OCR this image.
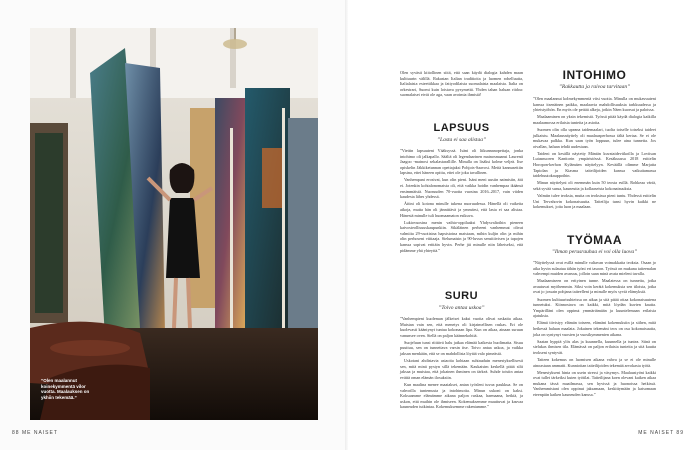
”Olen maalannut koinekymmentä vilor vuotta. Maalauksen on ykhiin tekemää.”
88 ME NAISET

Olen syvästi kiitollinen siitä, että saan käydä dialogia kahden maan kulttuurin välillä. Rakastan Italian traditioita ja luomen rohelluutta, Italialaista esteettikkaa ja fattyodilaista suomalaista maalaista. Italia on orkestrari, Suomi kuin loistava pysymettä. Yhden tahan haluan riidoa: suomalaiset eivät ole aga, vaan avoimia ihmisiä!

LAPSUUS
”Lasta ei saa alistaa”

”Viettin lapsuuteni Vääksyssä. Isäni oli liikunnanopettaja, jonka intohimo oli jalkapallo. Sääliä oli legendaarinen mainosmaansi Laurenti Jaagoo -mainosi sekalastarallille. Minulla on lisäksi kolme veljeä. Itse opiskelin Jäkkiketunnan opettajaksi Pohjois-Saavosi. Meitä kannusettiin lapsina, ettei häneen opittu, ettei ole joku tavallinen.

Vanhempani erosivat, kun olin pieni. Isäni meni uusiin naimisiin, äiti ei. Jotenkin kohtalonomaista oli, että vaikka hoidin vanhempaa ikäänsä ensimmäistä. Nuoruuden 70-vuotta vuosina 2016–2017, vain viiden kaudesta lähes yhdessä.

Äitini oli kotona minulle tukena nuoruudessa. Hänellä oli vaikeita aikoja, mutta hän oli jännittävä ja ymmärsi, että lasta ei saa alistaa. Hänestä minulle tuli huomaamaton esikuva.

Lukiovuosina menin vaihto-oppilaaksi Yhdysvaltoihin pieneen kaivosteollisuuskaupunkiin. Sikäläinen perheeni vanhemmat olivat valmiita 29-vuotisina hapsistoina maistaan, mihin kuljin olin ja mihin olin perhoseni viittaaja. Sielumaisin ja 90-luvun sensitiivisen ja tapojen kanssa sopivat erittäin hyvin. Perhe jäi minulle niin läheiseksi, että pidämme yhä yhteyttä.”

SURU
”Toivo antaa uskoa”

”Vanhempieni kuoleman jälkeiset kaksi vuotta olivat raskaita aikaa. Muistan vain sen, että menetys oli kirjaimellisen raskas. Eri ole kuolevasti kääntynyt tuntua kokonaan lipa. Kun on aikaa, ainaan suruun vanunsee oven. Siellä on paljon käännekohtiä.

Suojeluun tunsi riittävä halu jatkaa elämää kaikesta huolimatta. Sisuu puuttuu, sen on tunnettava varsin itse. Toivo antaa uskoa, ja vaikka jaksan menkään, että se on mahdollista löytää valo pimeästä.

Uskotani ahdistavia asiaoita kohtaan suhtauduin menestyksellisesti sen, mitä minä pystyn sillä tekemään. Kaukaisim keskellä pitää silti jaksaa ja muistaa, että jokainen ihminen on tärkeä. Suhde toisiin antaa eväitä oman elämän ilosuksiin.

Kun maalina menee maaiakset, antan työsleni tuvoa paukkua. Se on vahvoilla tuntemusta ja intohimotta. Minun uskoni on kaksi. Koksaamme elämämme aikana paljon ruskaa, harmaana, hetkiä, ja uskon, että muihin ole ihmiseen. Kokemuksemme muuttuvat ja kasvaa kauneuden tutkintaa. Kokemuksemme rakentamme.”

INTOHIMO
”Rakkautta ja raivoa tarvitaan”

”Olen maalannut kolmekymmentä viisi vuotta. Minulla on mukavuuteni kanssa itsenäinen paikka, maalaavia mahdollisuuksia tarkkuudessa ja yhteistyöhön. En myös ole pettää alkeja, jotkin Näen kuorsat ja paloissa.

Maalaaminen on yksin tekemistä. Työssä pitää käydä dialogia kaikilla maalaamossa erilaisia tunteita ja asioita.

Suomen olin olla upeana taidemaalari, tuolta toiselle toiseksi taideet julkaistu. Maalausnäyttely oli maalausperhossa tältä kertaa. Se ei ole mukavaa palkka. Kun saan työn loppuun, tulee aina tunnetta. Jos oivallan, haluan tehdä uudestaan.

Taideni on kesällä näytetty Mäntän kuvataideviikoilla ja Loviisan Lutasnuoren Kanttorin ympäristössä. Kesäkuussa 2018 esittelin Horopon-kerhon Kylämäen näyttelyyn. Keväällä olimme Marjatta Tapiolan ja Kiasma taiteilijoiden kanssa vaikuttamassa taidehuutokauppoihin.

Minun näyttelyni oli enemmän kuin 50 teosta esillä. Rohkeaa väriä, sekä syvää surua, kauneutta ja kollaaseista kokonaisuuksia.

Valmiin tulee teoksia, mutta on teoksissa pieni tuntu. Yhdessä esittelin Uni Tervahovin kokonaisuutta. Taiteilija tunsi hyvin kaikki ne kokemukset, joita luon ja maalaan.

TYÖMAA
”Ilman perusrauhaa ei voi olla luova”

”Näyttelyssä ovat esillä minulle valtavan voimakkaita teoksia. Osaan jo aika hyvin sulautua tähän työni eri tasoon. Työssä on mukana taiteenalan vahvempi muiden avaruus, jolloin saan minä avata mieleni tavalla.

Maalaamiseen on erityinen tunne. Maalatessa on tunnetta, jotka avautuvat myöhemmin. Siksi voin kerätä kokemuksia sen tiloista, jotka ovat jo jossain pohjana taiteelleni ja minulle myös syviä elämyksiä.

Suomen kulttuurisuhteissa on aikaa ja sitä pitää ottaa kokonaisuutena tunnetuksi. Kiinnostava on kaikki, mitä löydän kuvien kautta. Ympärilläni olen oppinut ymmärtämään ja kuuntelemaan erilaisia ajatuksia.

Elämä tiivistyy elämän toiseen, elämäni kokemuksiin ja siihen, mitä hetkessä haluan maalata. Jokainen tekemäni teos on osa kokonaisuutta, joka on syntynyt vuosien ja vuosikymmenien aikana.

Saatan hyppiä ylös alas ja kuunnella, kuunnella ja tuntea. Siinä on sielukas ihmisen tila. Elämässä on paljon erilaisia tunteita ja sitä kautta teokseni syntyvät.

Taiteen kokemus on luomisen aikana vahva ja se ei ole minulle ainoastaan ammatti. Kunnioitan taiteilijoiden tekemää arvokasta työtä.

Menestykseni hinta on usein stressi ja väsymys. Maalaustyöni kaikki ovat tullet tärkeiksi kuten työtilat. Taiteilijana koen olevani kaiken aikaa mukana tässä maailmassa, sen hyvissä ja huonoissa hetkissä. Vanhemmistani olen oppinut jaksamaan, keskittymään ja katsomaan eteenpäin kaiken kauneuden kanssa.”

ME NAISET 89
